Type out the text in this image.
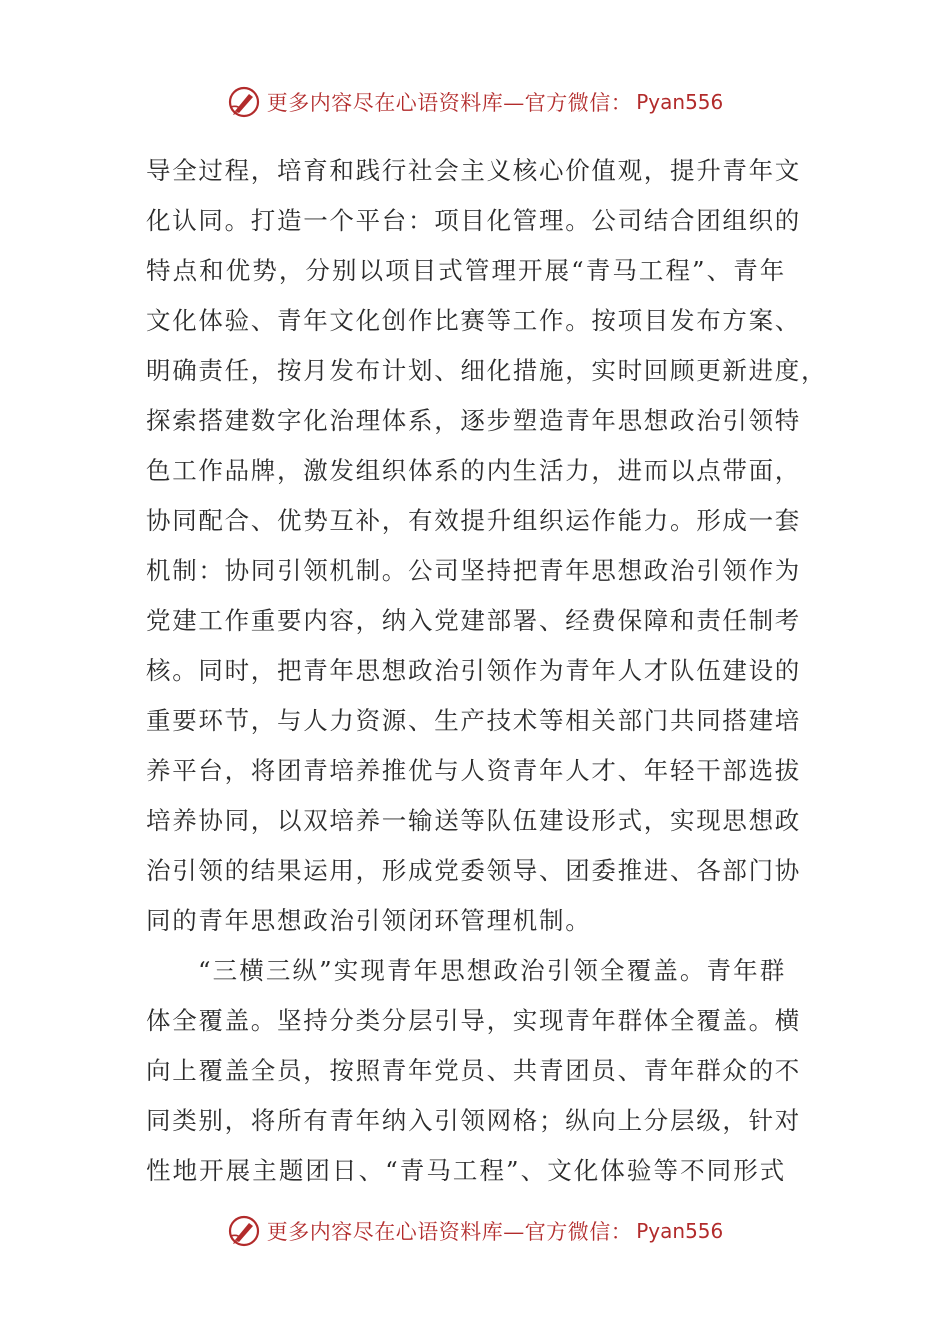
更多内容尽在心语资料库—官方微信： Pyan556
导全过程，培育和践行社会主义核心价值观，提升青年文
化认同。打造一个平台：项目化管理。公司结合团组织的
特点和优势，分别以项目式管理开展“青马工程”、青年
文化体验、青年文化创作比赛等工作。按项目发布方案、
明确责任，按月发布计划、细化措施，实时回顾更新进度，
探索搭建数字化治理体系，逐步塑造青年思想政治引领特
色工作品牌，激发组织体系的内生活力，进而以点带面，
协同配合、优势互补，有效提升组织运作能力。形成一套
机制：协同引领机制。公司坚持把青年思想政治引领作为
党建工作重要内容，纳入党建部署、经费保障和责任制考
核。同时，把青年思想政治引领作为青年人才队伍建设的
重要环节，与人力资源、生产技术等相关部门共同搭建培
养平台，将团青培养推优与人资青年人才、年轻干部选拔
培养协同，以双培养一输送等队伍建设形式，实现思想政
治引领的结果运用，形成党委领导、团委推进、各部门协
同的青年思想政治引领闭环管理机制。
“三横三纵”实现青年思想政治引领全覆盖。青年群
体全覆盖。坚持分类分层引导，实现青年群体全覆盖。横
向上覆盖全员，按照青年党员、共青团员、青年群众的不
同类别，将所有青年纳入引领网格；纵向上分层级，针对
性地开展主题团日、“青马工程”、文化体验等不同形式
更多内容尽在心语资料库—官方微信： Pyan556
